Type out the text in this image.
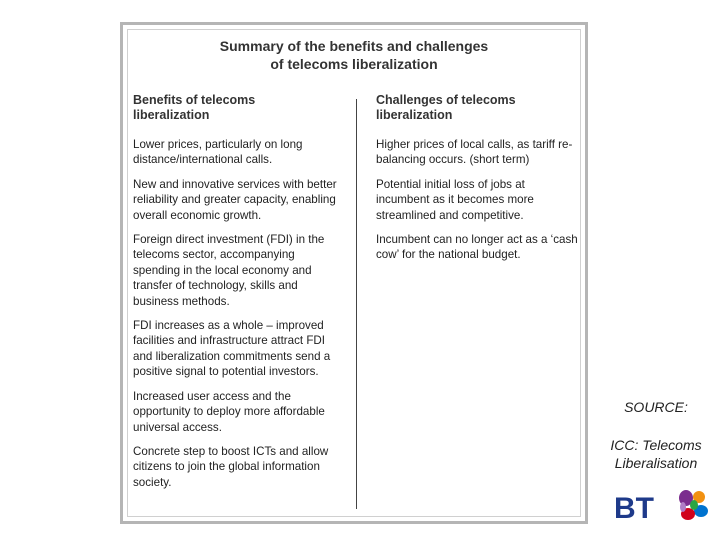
Summary of the benefits and challenges
of telecoms liberalization
Benefits of telecoms
liberalization
Lower prices, particularly on long distance/international calls.
New and innovative services with better reliability and greater capacity, enabling overall economic growth.
Foreign direct investment (FDI) in the telecoms sector, accompanying spending in the local economy and transfer of technology, skills and business methods.
FDI increases as a whole – improved facilities and infrastructure attract FDI and liberalization commitments send a positive signal to potential investors.
Increased user access and the opportunity to deploy more affordable universal access.
Concrete step to boost ICTs and allow citizens to join the global information society.
Challenges of telecoms
liberalization
Higher prices of local calls, as tariff re-balancing occurs. (short term)
Potential initial loss of jobs at incumbent as it becomes more streamlined and competitive.
Incumbent can no longer act as a ‘cash cow’ for the national budget.
SOURCE:
ICC: Telecoms
Liberalisation
BT
